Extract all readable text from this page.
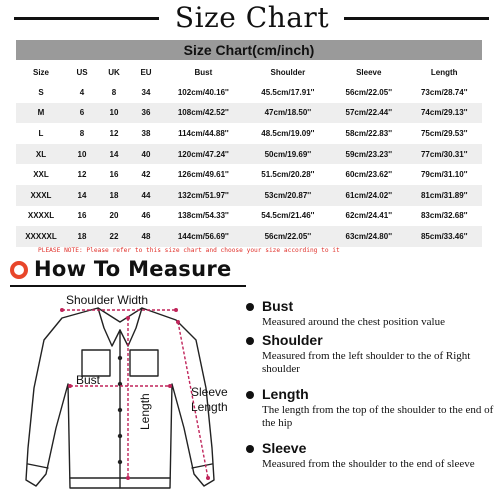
Size Chart
Size Chart(cm/inch)
Size	US	UK	EU	Bust	Shoulder	Sleeve	Length
S	4	8	34	102cm/40.16''	45.5cm/17.91''	56cm/22.05''	73cm/28.74''
M	6	10	36	108cm/42.52''	47cm/18.50''	57cm/22.44''	74cm/29.13''
L	8	12	38	114cm/44.88''	48.5cm/19.09''	58cm/22.83''	75cm/29.53''
XL	10	14	40	120cm/47.24''	50cm/19.69''	59cm/23.23''	77cm/30.31''
XXL	12	16	42	126cm/49.61''	51.5cm/20.28''	60cm/23.62''	79cm/31.10''
XXXL	14	18	44	132cm/51.97''	53cm/20.87''	61cm/24.02''	81cm/31.89''
XXXXL	16	20	46	138cm/54.33''	54.5cm/21.46''	62cm/24.41''	83cm/32.68''
XXXXXL	18	22	48	144cm/56.69''	56cm/22.05''	63cm/24.80''	85cm/33.46''
PLEASE NOTE: Please refer to this size chart and choose your size according to it
How To Measure
Shoulder Width
Bust
Length
Sleeve
Length
Bust
Measured around the chest position value
Shoulder
Measured from the left shoulder to the of Right shoulder
Length
The length from the top of the shoulder to the end of the hip
Sleeve
Measured from the shoulder to the end of sleeve
